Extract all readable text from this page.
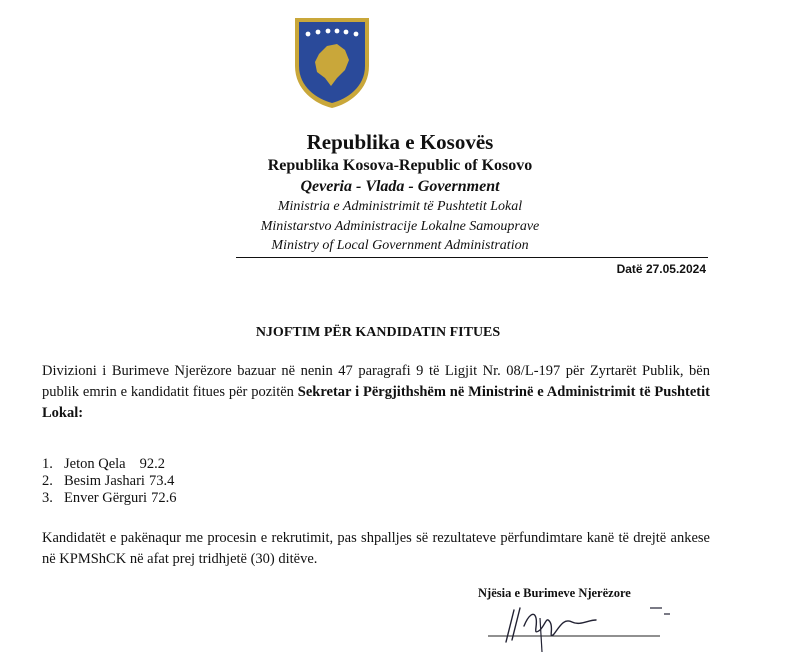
Republika e Kosovës
Republika Kosova-Republic of Kosovo
Qeveria - Vlada - Government
Ministria e Administrimit të Pushtetit Lokal
Ministarstvo Administracije Lokalne Samouprave
Ministry of Local Government Administration
Datë 27.05.2024
NJOFTIM PËR KANDIDATIN FITUES
Divizioni i Burimeve Njerëzore bazuar në nenin 47 paragrafi 9 të Ligjit Nr. 08/L-197 për Zyrtarët Publik, bën publik emrin e kandidatit fitues për pozitën Sekretar i Përgjithshëm në Ministrinë e Administrimit të Pushtetit Lokal:
1. Jeton Qela 92.2
2. Besim Jashari 73.4
3. Enver Gërguri 72.6
Kandidatët e pakënaqur me procesin e rekrutimit, pas shpalljes së rezultateve përfundimtare kanë të drejtë ankese në KPMShCK në afat prej tridhjetë (30) ditëve.
Njësia e Burimeve Njerëzore
